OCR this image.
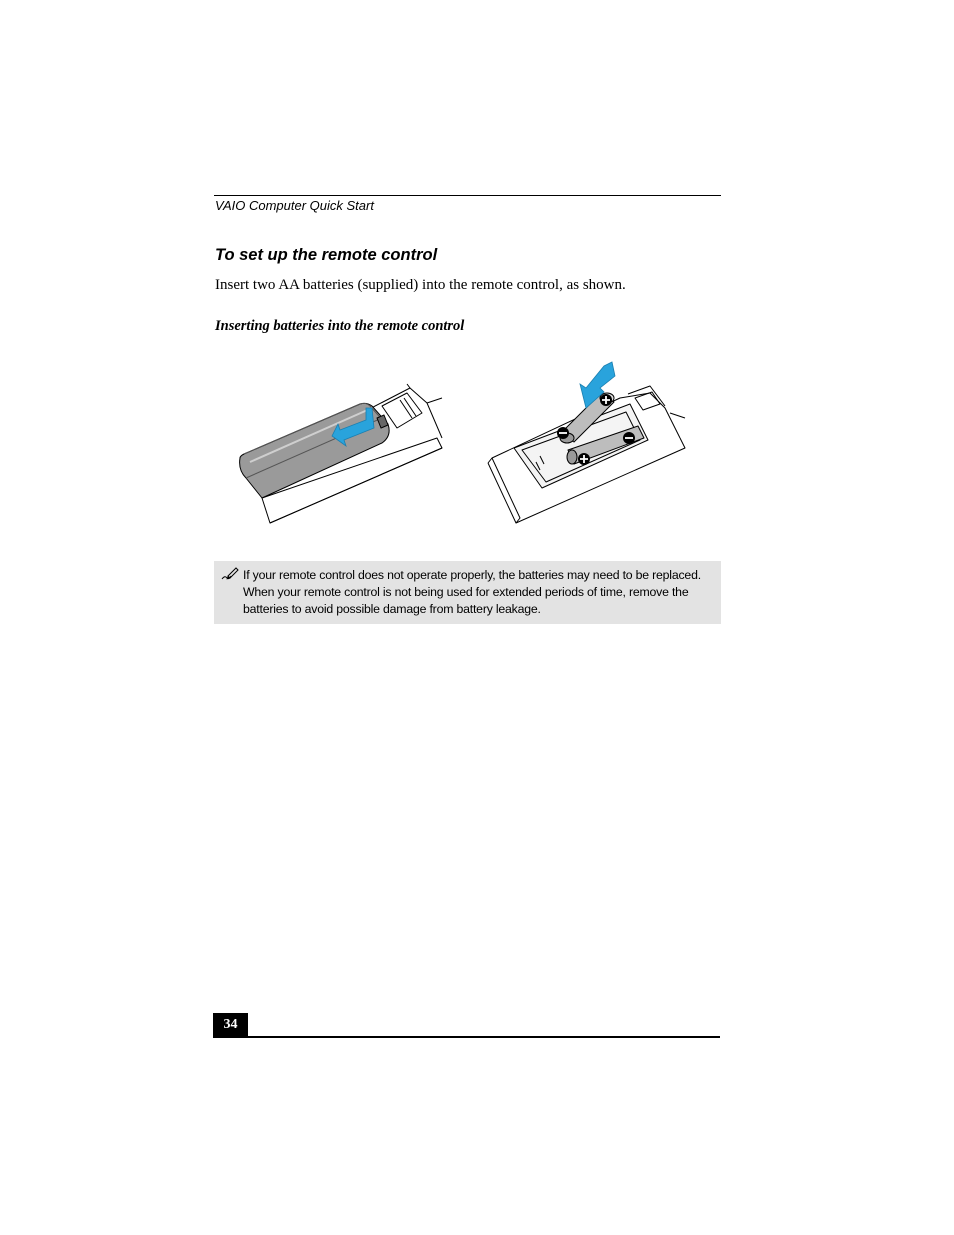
VAIO Computer Quick Start
To set up the remote control
Insert two AA batteries (supplied) into the remote control, as shown.
Inserting batteries into the remote control
If your remote control does not operate properly, the batteries may need to be replaced. When your remote control is not being used for extended periods of time, remove the batteries to avoid possible damage from battery leakage.
34
